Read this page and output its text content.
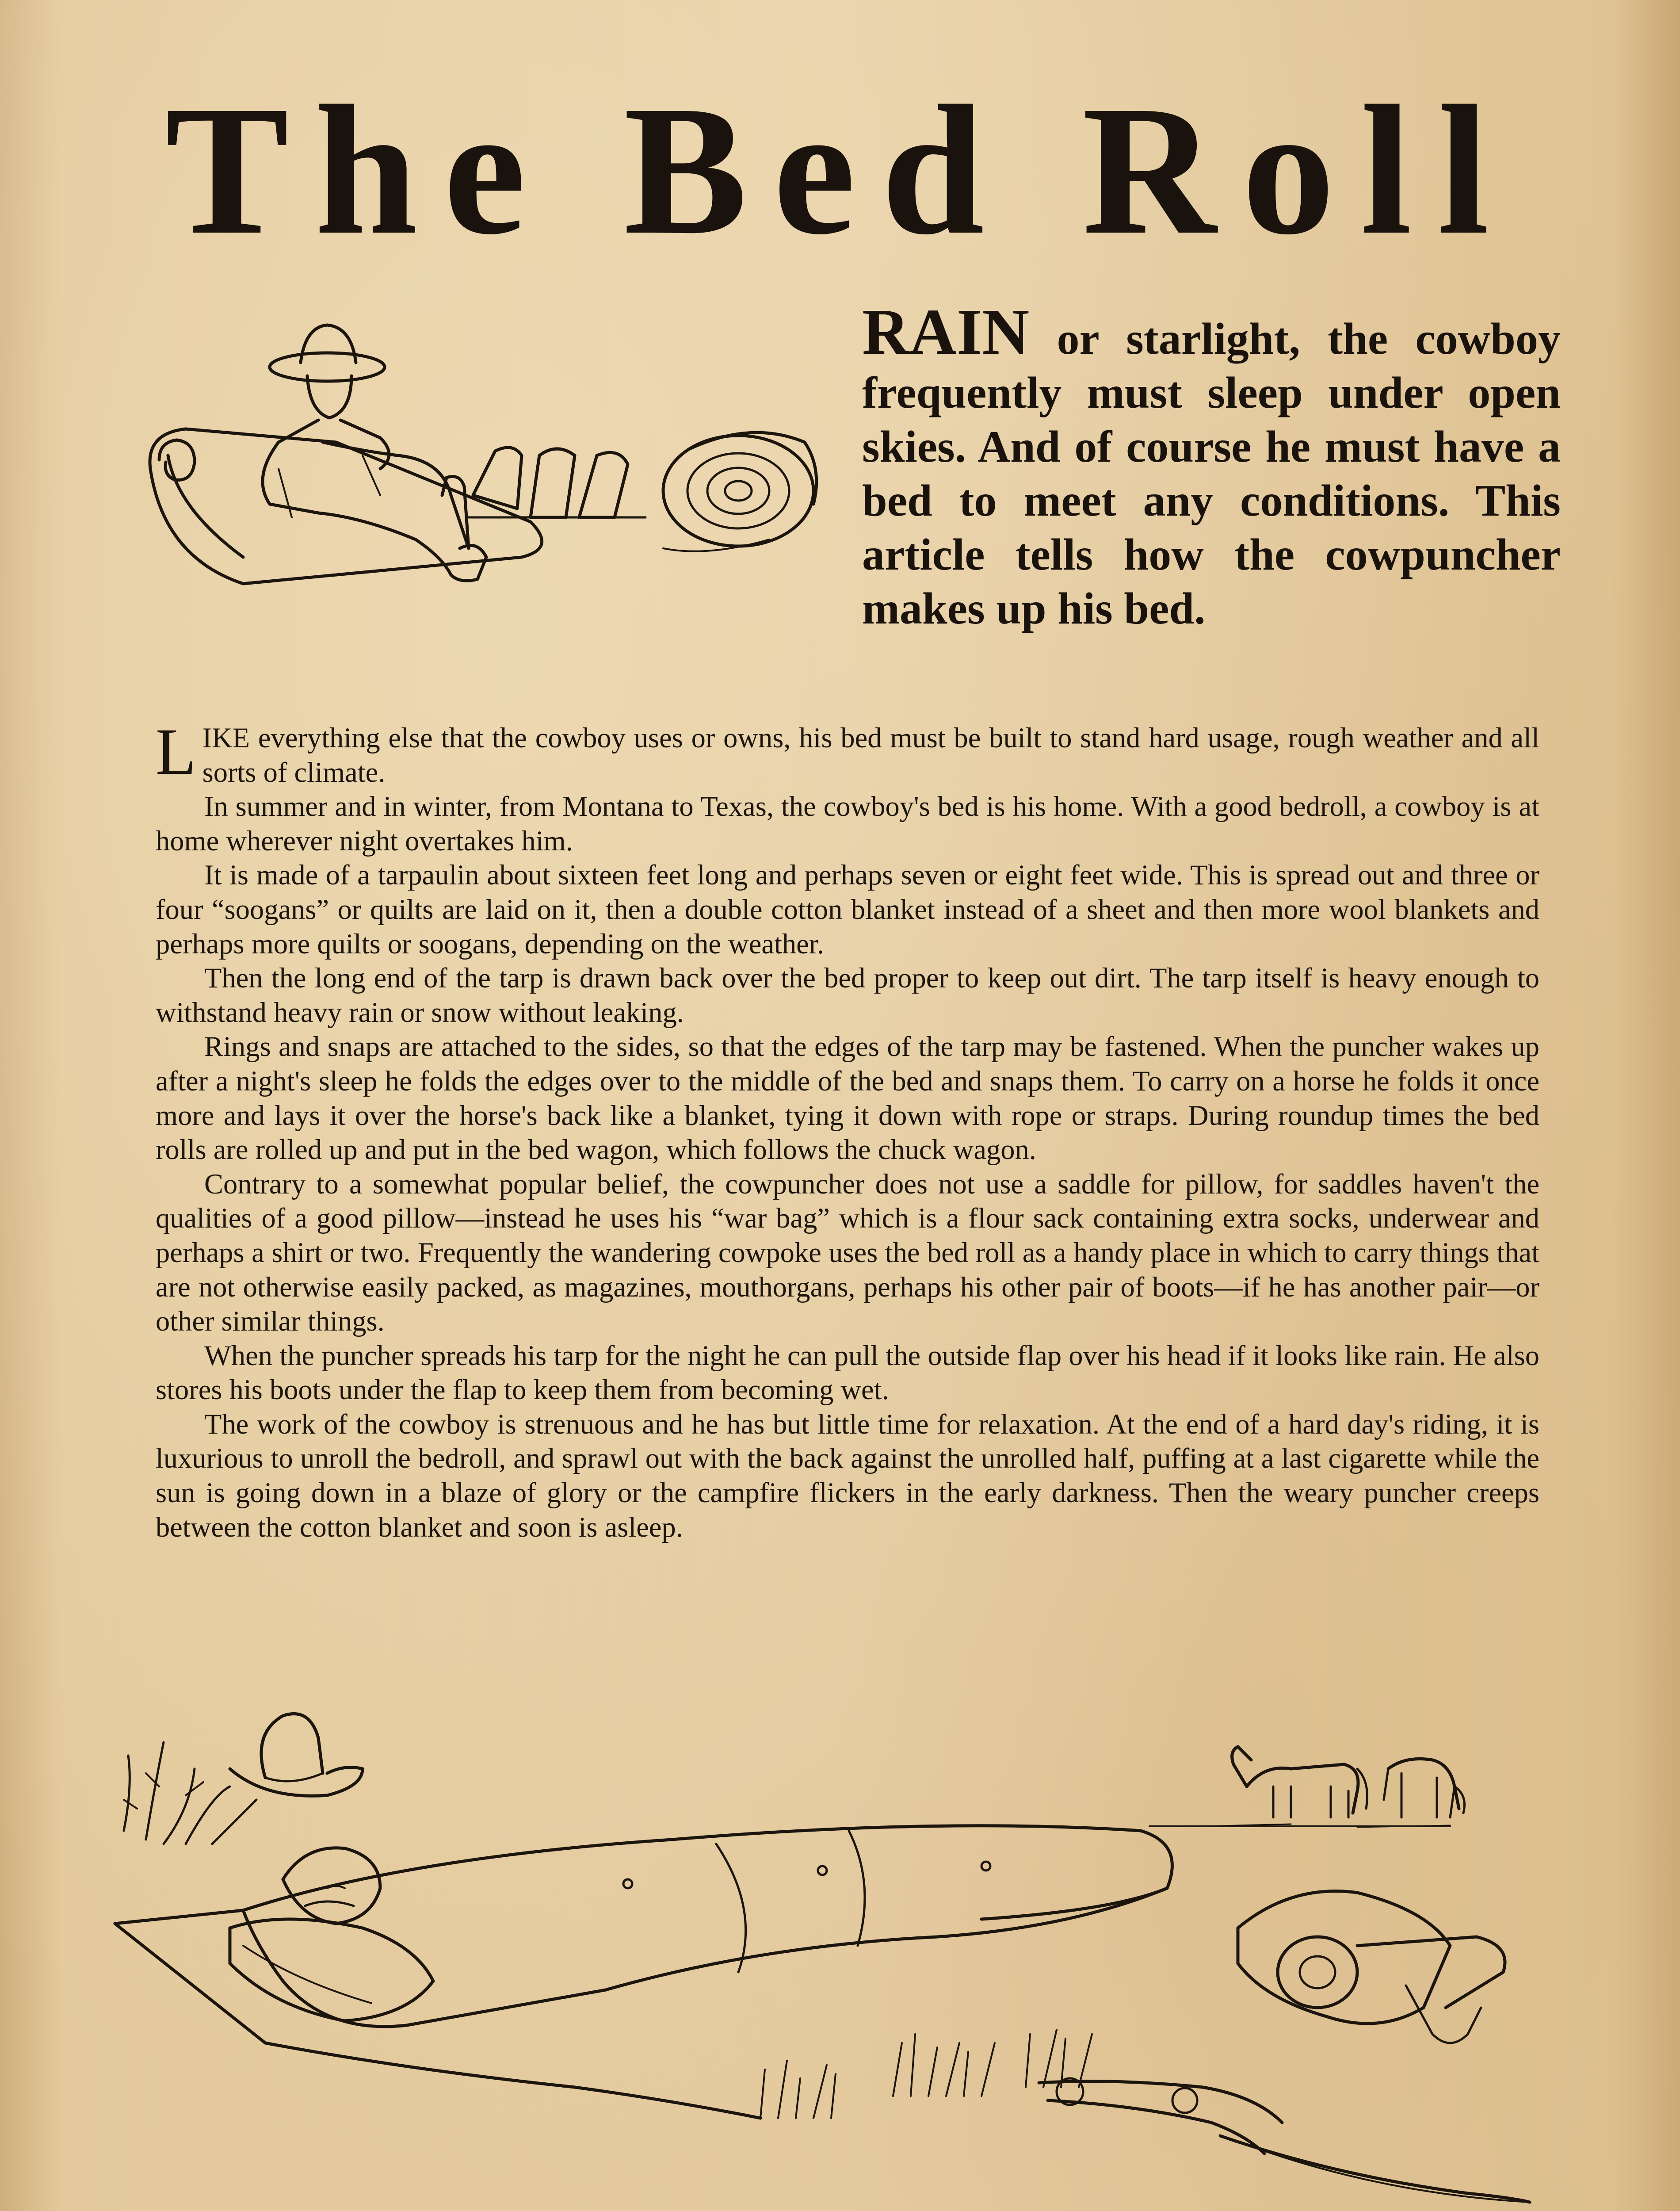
The Bed Roll

RAIN or starlight, the cowboy frequently must sleep under open skies. And of course he must have a bed to meet any conditions. This article tells how the cowpuncher makes up his bed.

LIKE everything else that the cowboy uses or owns, his bed must be built to stand hard usage, rough weather and all sorts of climate.

In summer and in winter, from Montana to Texas, the cowboy's bed is his home. With a good bedroll, a cowboy is at home wherever night overtakes him.

It is made of a tarpaulin about sixteen feet long and perhaps seven or eight feet wide. This is spread out and three or four “soogans” or quilts are laid on it, then a double cotton blanket instead of a sheet and then more wool blankets and perhaps more quilts or soogans, depending on the weather.

Then the long end of the tarp is drawn back over the bed proper to keep out dirt. The tarp itself is heavy enough to withstand heavy rain or snow without leaking.

Rings and snaps are attached to the sides, so that the edges of the tarp may be fastened. When the puncher wakes up after a night's sleep he folds the edges over to the middle of the bed and snaps them. To carry on a horse he folds it once more and lays it over the horse's back like a blanket, tying it down with rope or straps. During roundup times the bed rolls are rolled up and put in the bed wagon, which follows the chuck wagon.

Contrary to a somewhat popular belief, the cowpuncher does not use a saddle for pillow, for saddles haven't the qualities of a good pillow—instead he uses his “war bag” which is a flour sack containing extra socks, underwear and perhaps a shirt or two. Frequently the wandering cowpoke uses the bed roll as a handy place in which to carry things that are not otherwise easily packed, as magazines, mouthorgans, perhaps his other pair of boots—if he has another pair—or other similar things.

When the puncher spreads his tarp for the night he can pull the outside flap over his head if it looks like rain. He also stores his boots under the flap to keep them from becoming wet.

The work of the cowboy is strenuous and he has but little time for relaxation. At the end of a hard day's riding, it is luxurious to unroll the bedroll, and sprawl out with the back against the unrolled half, puffing at a last cigarette while the sun is going down in a blaze of glory or the campfire flickers in the early darkness. Then the weary puncher creeps between the cotton blanket and soon is asleep.
